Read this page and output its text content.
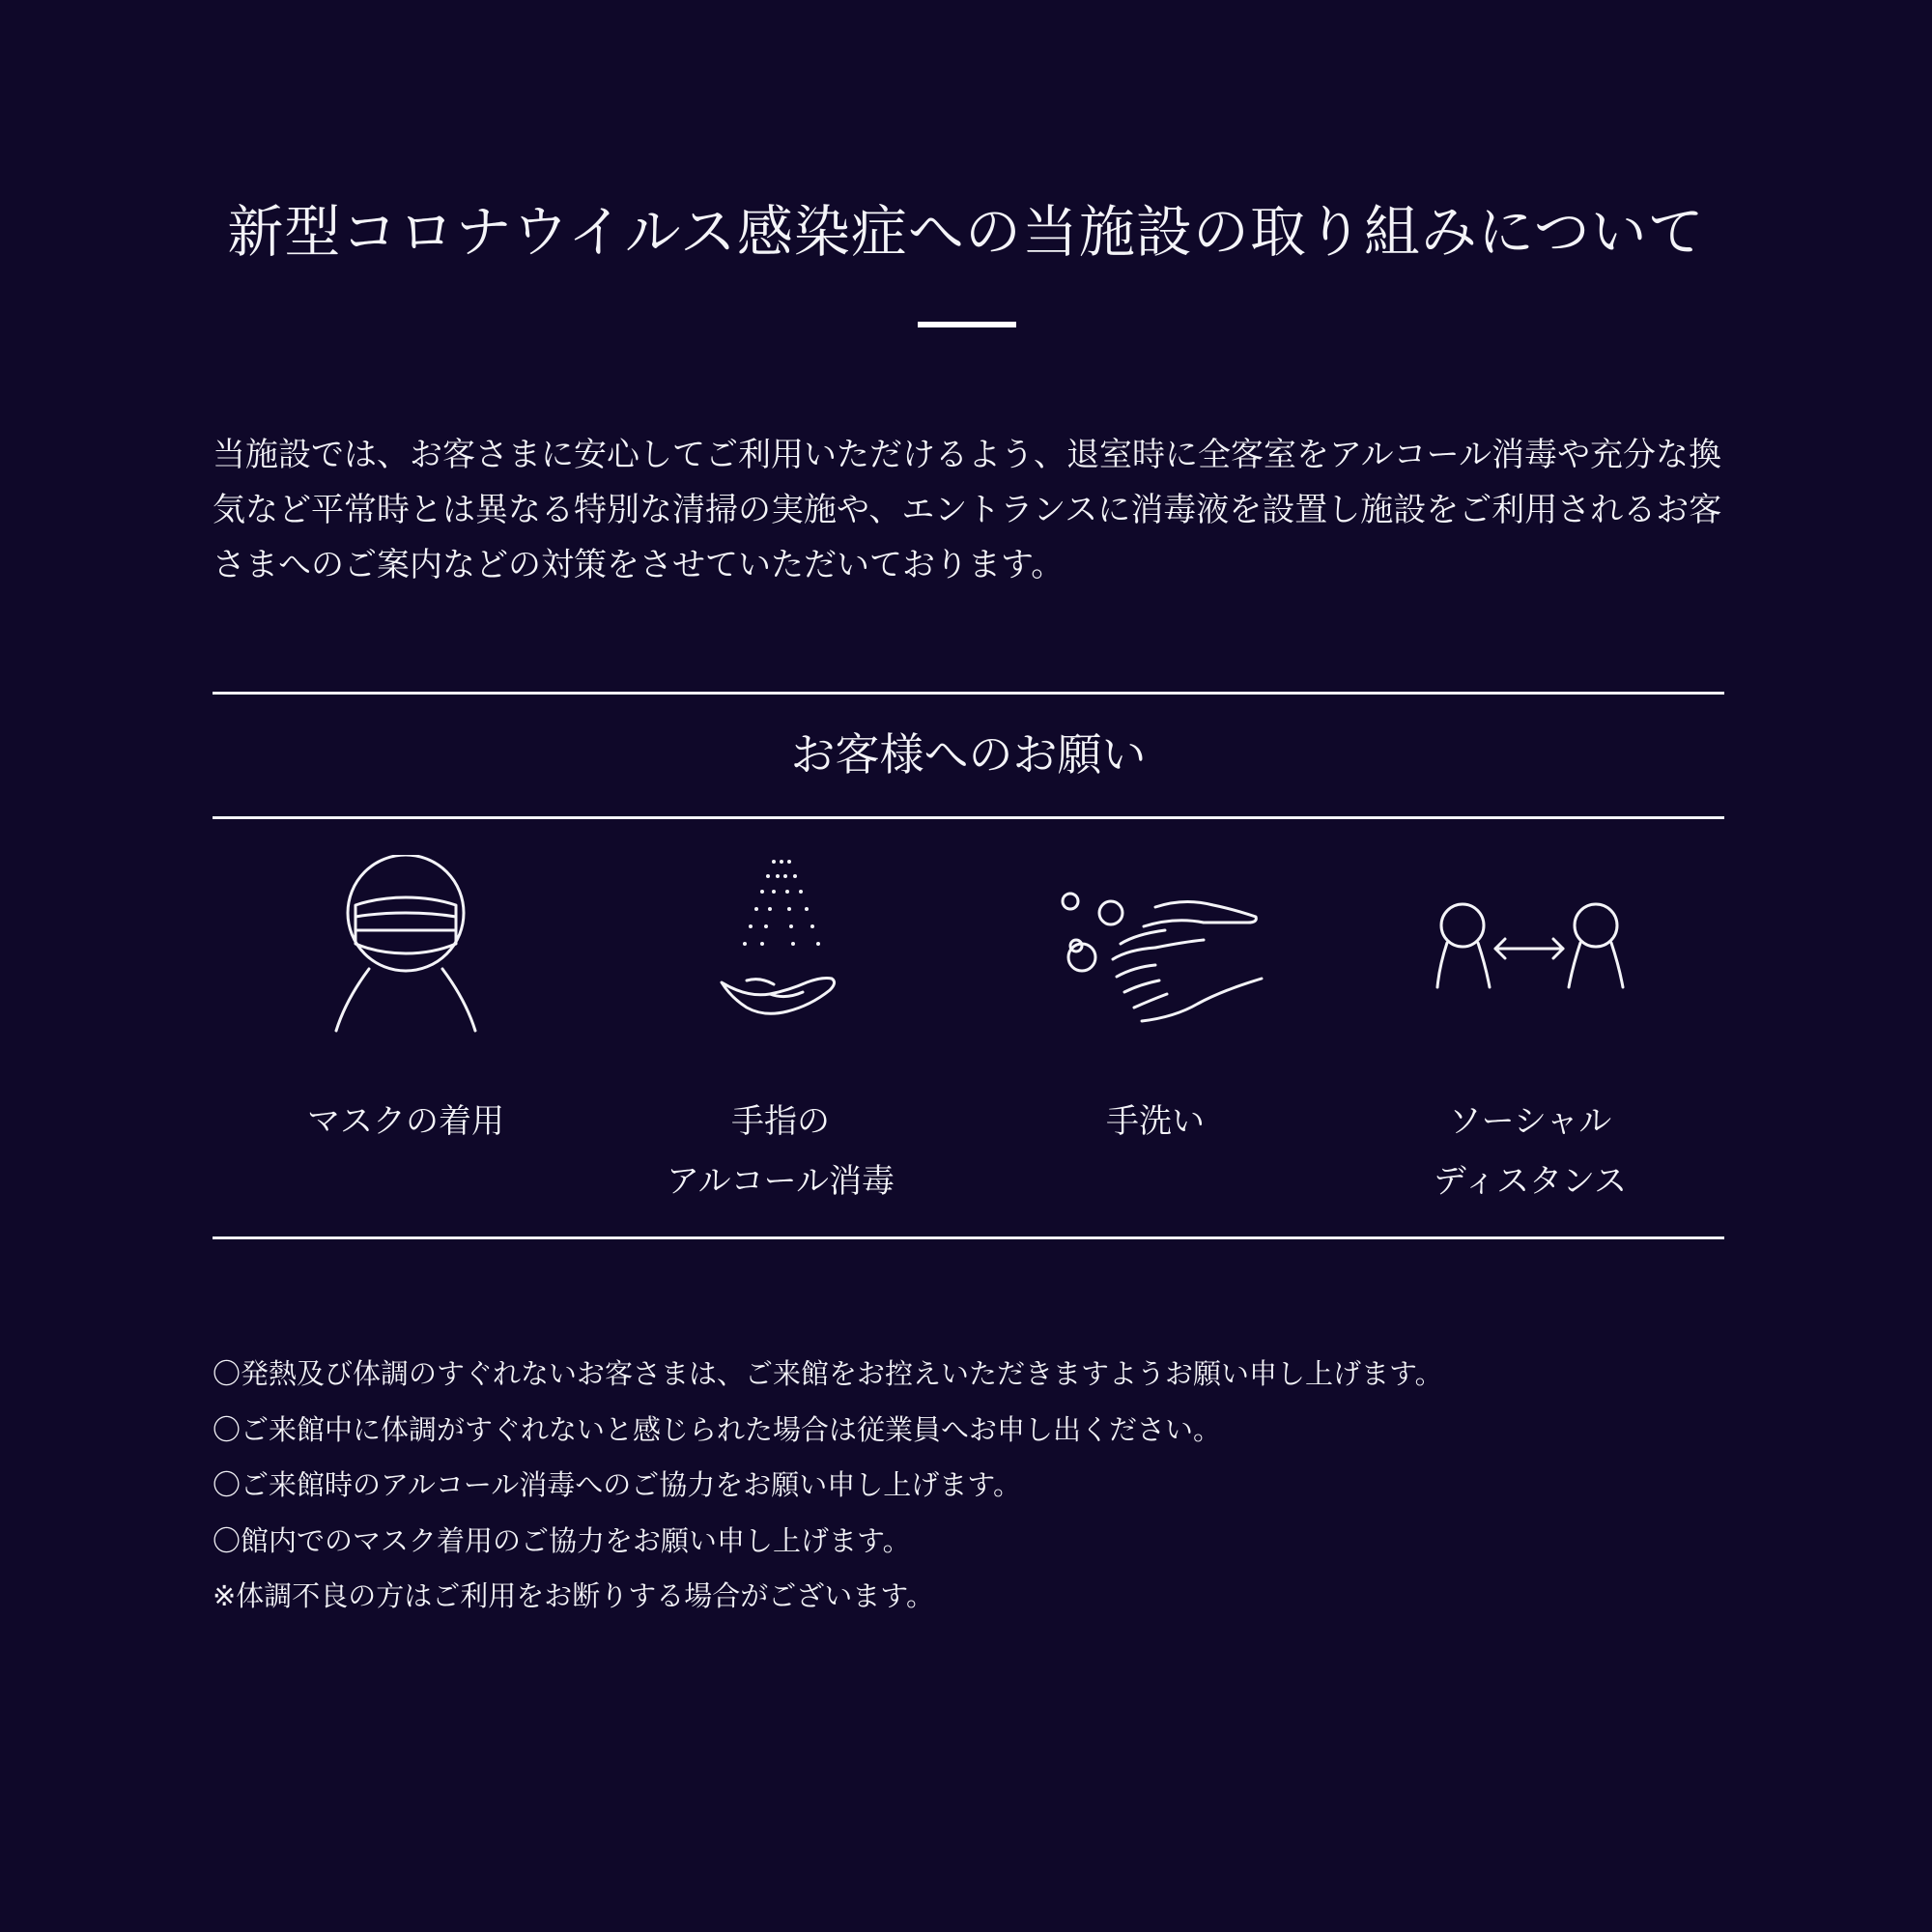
新型コロナウイルス感染症への当施設の取り組みについて

当施設では、お客さまに安心してご利用いただけるよう、退室時に全客室をアルコール消毒や充分な換気など平常時とは異なる特別な清掃の実施や、エントランスに消毒液を設置し施設をご利用されるお客さまへのご案内などの対策をさせていただいております。

お客様へのお願い
マスクの着用	手指の
アルコール消毒
手洗い	ソーシャル
ディスタンス
〇発熱及び体調のすぐれないお客さまは、ご来館をお控えいただきますようお願い申し上げます。
〇ご来館中に体調がすぐれないと感じられた場合は従業員へお申し出ください。
〇ご来館時のアルコール消毒へのご協力をお願い申し上げます。
〇館内でのマスク着用のご協力をお願い申し上げます。
※体調不良の方はご利用をお断りする場合がございます。
